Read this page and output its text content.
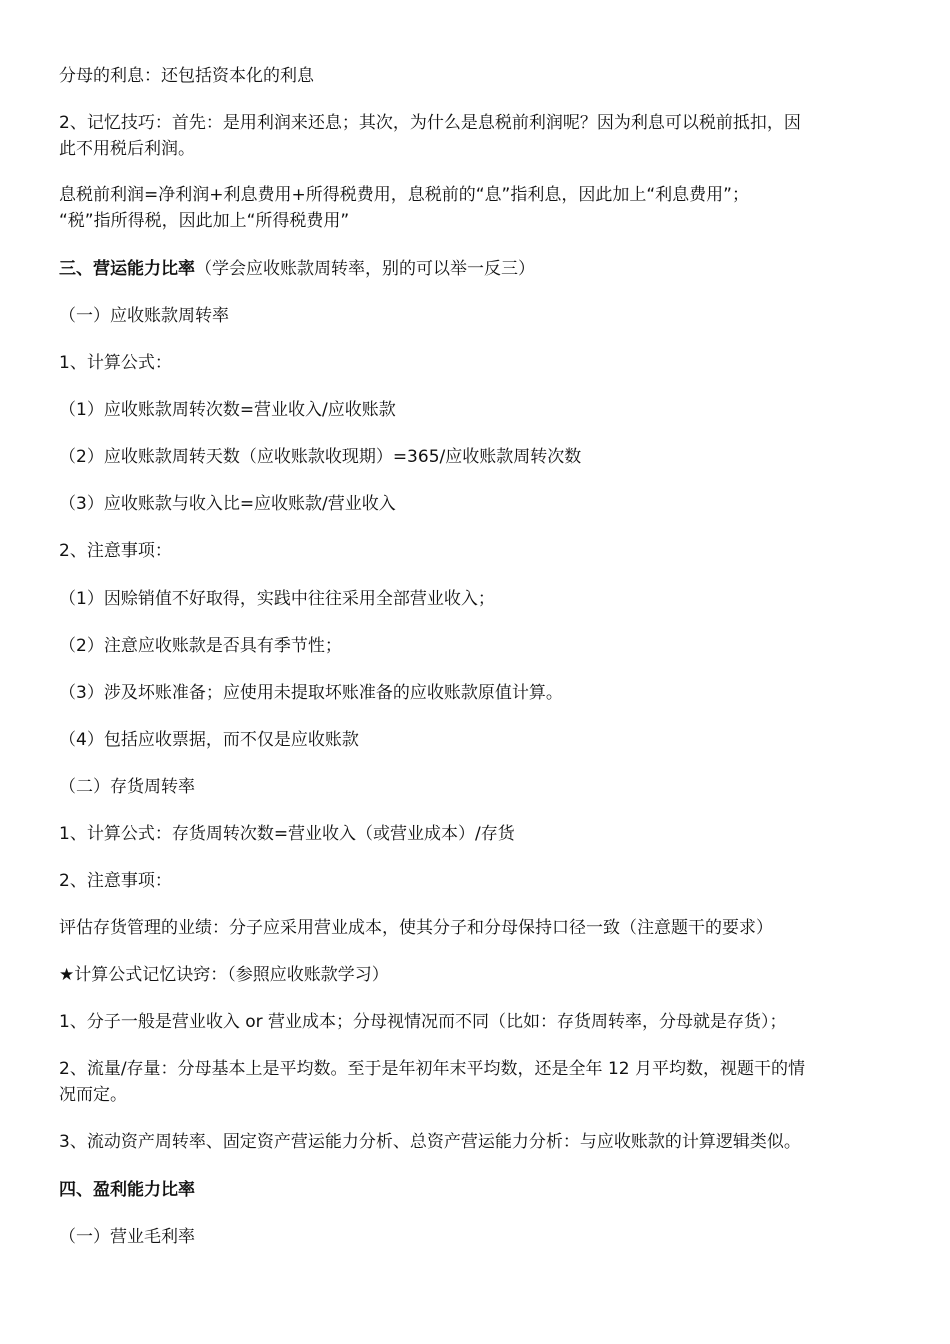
分母的利息：还包括资本化的利息
2、记忆技巧：首先：是用利润来还息；其次，为什么是息税前利润呢？因为利息可以税前抵扣，因
此不用税后利润。
息税前利润=净利润+利息费用+所得税费用，息税前的“息”指利息，因此加上“利息费用”；
“税”指所得税，因此加上“所得税费用”
三、营运能力比率（学会应收账款周转率，别的可以举一反三）
（一）应收账款周转率
1、计算公式：
（1）应收账款周转次数=营业收入/应收账款
（2）应收账款周转天数（应收账款收现期）=365/应收账款周转次数
（3）应收账款与收入比=应收账款/营业收入
2、注意事项：
（1）因赊销值不好取得，实践中往往采用全部营业收入；
（2）注意应收账款是否具有季节性；
（3）涉及坏账准备；应使用未提取坏账准备的应收账款原值计算。
（4）包括应收票据，而不仅是应收账款
（二）存货周转率
1、计算公式：存货周转次数=营业收入（或营业成本）/存货
2、注意事项：
评估存货管理的业绩：分子应采用营业成本，使其分子和分母保持口径一致（注意题干的要求）
★计算公式记忆诀窍：（参照应收账款学习）
1、分子一般是营业收入 or 营业成本；分母视情况而不同（比如：存货周转率，分母就是存货）；
2、流量/存量：分母基本上是平均数。至于是年初年末平均数，还是全年 12 月平均数，视题干的情
况而定。
3、流动资产周转率、固定资产营运能力分析、总资产营运能力分析：与应收账款的计算逻辑类似。
四、盈利能力比率
（一）营业毛利率
